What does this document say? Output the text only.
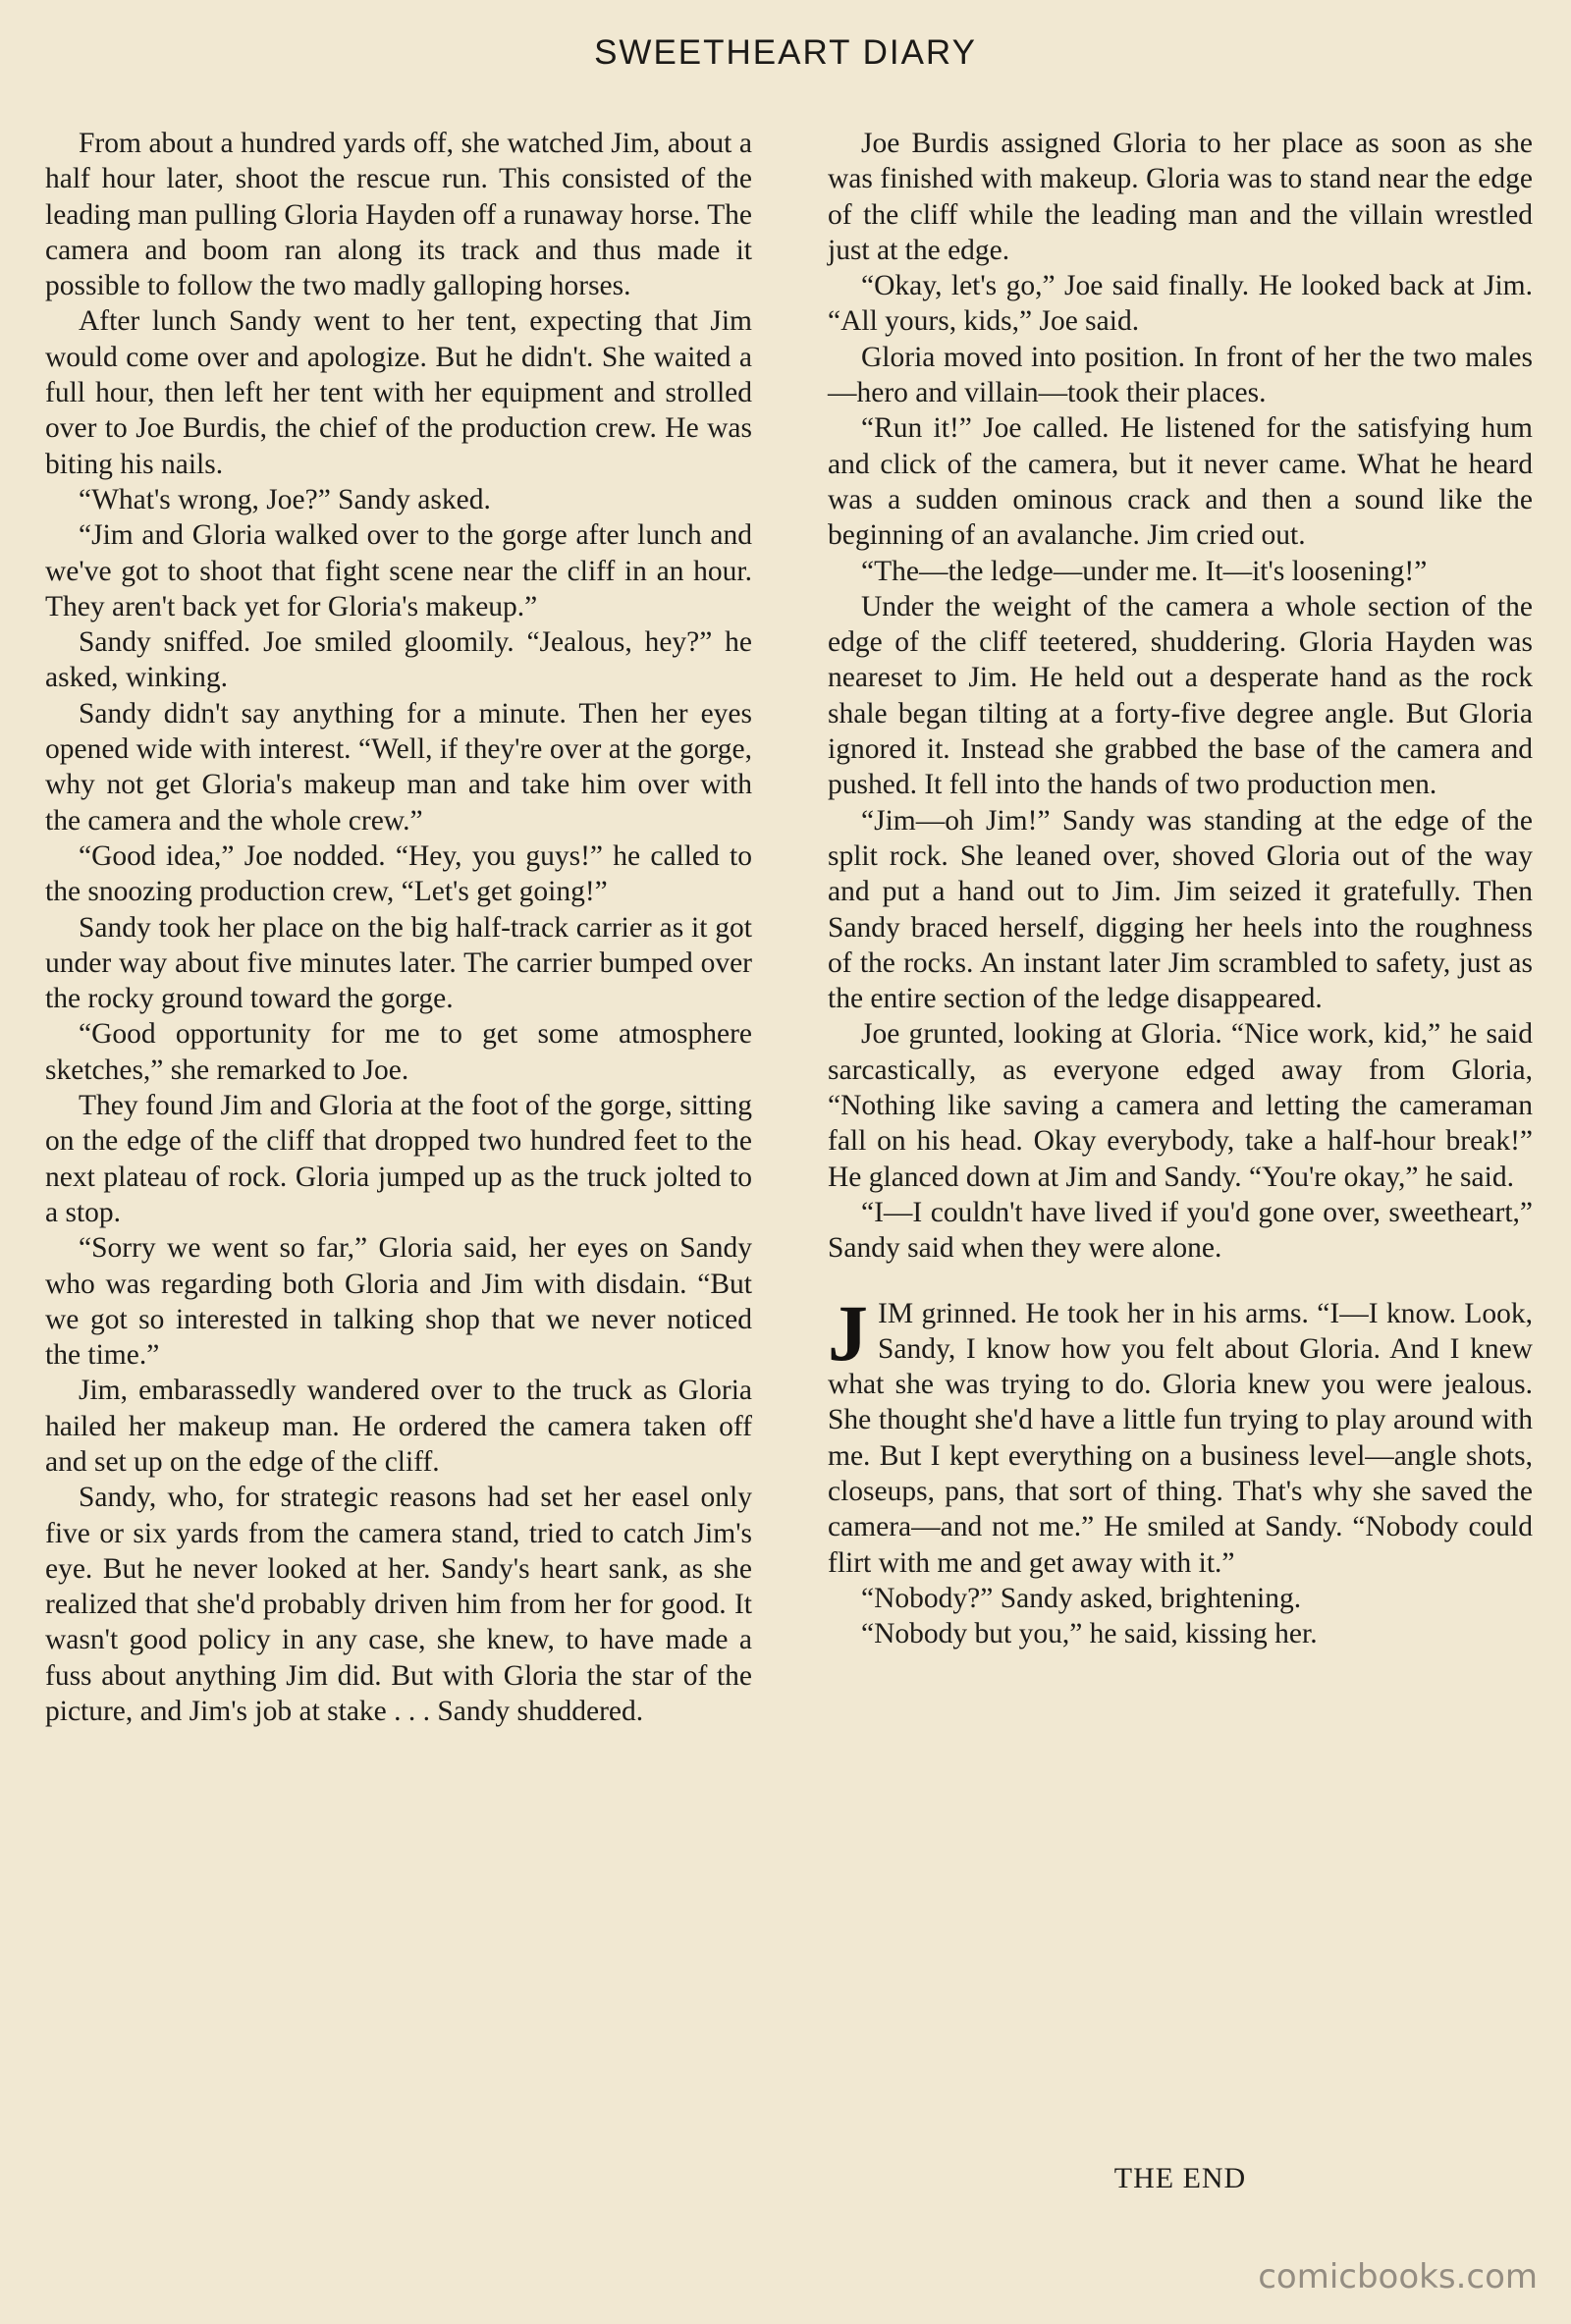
SWEETHEART DIARY

From about a hundred yards off, she watched Jim, about a half hour later, shoot the rescue run. This consisted of the leading man pulling Gloria Hayden off a runaway horse. The camera and boom ran along its track and thus made it possible to follow the two madly galloping horses.

After lunch Sandy went to her tent, expecting that Jim would come over and apologize. But he didn't. She waited a full hour, then left her tent with her equipment and strolled over to Joe Burdis, the chief of the production crew. He was biting his nails.

“What's wrong, Joe?” Sandy asked.

“Jim and Gloria walked over to the gorge after lunch and we've got to shoot that fight scene near the cliff in an hour. They aren't back yet for Gloria's makeup.”

Sandy sniffed. Joe smiled gloomily. “Jealous, hey?” he asked, winking.

Sandy didn't say anything for a minute. Then her eyes opened wide with interest. “Well, if they're over at the gorge, why not get Gloria's makeup man and take him over with the camera and the whole crew.”

“Good idea,” Joe nodded. “Hey, you guys!” he called to the snoozing production crew, “Let's get going!”

Sandy took her place on the big half-track carrier as it got under way about five minutes later. The carrier bumped over the rocky ground toward the gorge.

“Good opportunity for me to get some atmosphere sketches,” she remarked to Joe.

They found Jim and Gloria at the foot of the gorge, sitting on the edge of the cliff that dropped two hundred feet to the next plateau of rock. Gloria jumped up as the truck jolted to a stop.

“Sorry we went so far,” Gloria said, her eyes on Sandy who was regarding both Gloria and Jim with disdain. “But we got so interested in talking shop that we never noticed the time.”

Jim, embarassedly wandered over to the truck as Gloria hailed her makeup man. He ordered the camera taken off and set up on the edge of the cliff.

Sandy, who, for strategic reasons had set her easel only five or six yards from the camera stand, tried to catch Jim's eye. But he never looked at her. Sandy's heart sank, as she realized that she'd probably driven him from her for good. It wasn't good policy in any case, she knew, to have made a fuss about anything Jim did. But with Gloria the star of the picture, and Jim's job at stake . . . Sandy shuddered.

Joe Burdis assigned Gloria to her place as soon as she was finished with makeup. Gloria was to stand near the edge of the cliff while the leading man and the villain wrestled just at the edge.

“Okay, let's go,” Joe said finally. He looked back at Jim. “All yours, kids,” Joe said.

Gloria moved into position. In front of her the two males—hero and villain—took their places.

“Run it!” Joe called. He listened for the satisfying hum and click of the camera, but it never came. What he heard was a sudden ominous crack and then a sound like the beginning of an avalanche. Jim cried out.

“The—the ledge—under me. It—it's loosening!”

Under the weight of the camera a whole section of the edge of the cliff teetered, shuddering. Gloria Hayden was neareset to Jim. He held out a desperate hand as the rock shale began tilting at a forty-five degree angle. But Gloria ignored it. Instead she grabbed the base of the camera and pushed. It fell into the hands of two production men.

“Jim—oh Jim!” Sandy was standing at the edge of the split rock. She leaned over, shoved Gloria out of the way and put a hand out to Jim. Jim seized it gratefully. Then Sandy braced herself, digging her heels into the roughness of the rocks. An instant later Jim scrambled to safety, just as the entire section of the ledge disappeared.

Joe grunted, looking at Gloria. “Nice work, kid,” he said sarcastically, as everyone edged away from Gloria, “Nothing like saving a camera and letting the cameraman fall on his head. Okay everybody, take a half-hour break!” He glanced down at Jim and Sandy. “You're okay,” he said.

“I—I couldn't have lived if you'd gone over, sweetheart,” Sandy said when they were alone.

JIM grinned. He took her in his arms. “I—I know. Look, Sandy, I know how you felt about Gloria. And I knew what she was trying to do. Gloria knew you were jealous. She thought she'd have a little fun trying to play around with me. But I kept everything on a business level—angle shots, closeups, pans, that sort of thing. That's why she saved the camera—and not me.” He smiled at Sandy. “Nobody could flirt with me and get away with it.”

“Nobody?” Sandy asked, brightening.

“Nobody but you,” he said, kissing her.

THE END
comicbooks.com
